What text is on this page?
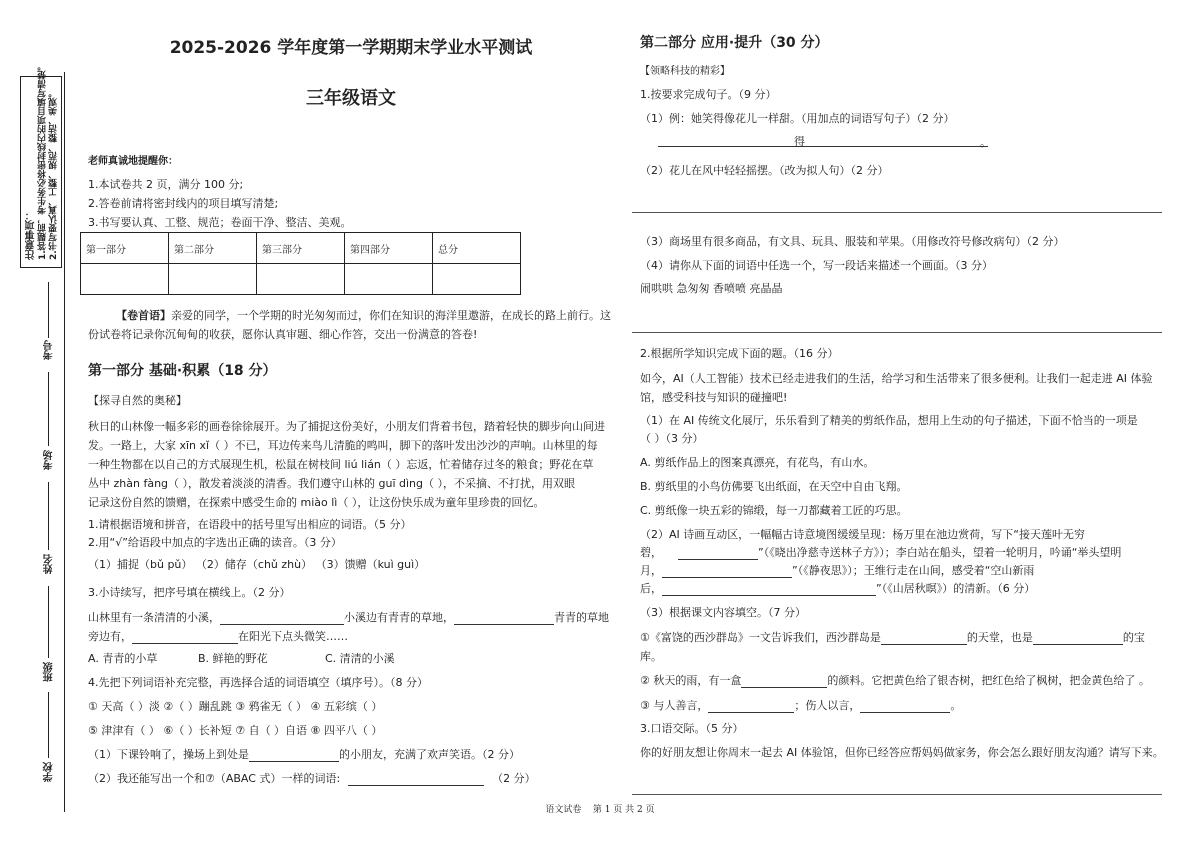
注意事项： 1.答题前，考生务必将密封线内的项目填写清楚。 2.书写要认真、工整、规范、整洁、美观。
考号
考场
姓名
班级
学校
2025-2026 学年度第一学期期末学业水平测试
三年级语文
老师真诚地提醒你：
1.本试卷共 2 页，满分 100 分;
2.答卷前请将密封线内的项目填写清楚;
3.书写要认真、工整、规范；卷面干净、整洁、美观。
第一部分	第二部分	第三部分	第四部分	总分

【卷首语】亲爱的同学，一个学期的时光匆匆而过，你们在知识的海洋里遨游，在成长的路上前行。这
份试卷将记录你沉甸甸的收获，愿你认真审题、细心作答，交出一份满意的答卷!
第一部分 基础·积累（18 分）
【探寻自然的奥秘】
秋日的山林像一幅多彩的画卷徐徐展开。为了捕捉这份美好，小朋友们背着书包，踏着轻快的脚步向山间进
发。一路上，大家 xīn xǐ（ ）不已，耳边传来鸟儿清脆的鸣叫，脚下的落叶发出沙沙的声响。山林里的每
一种生物都在以自己的方式展现生机，松鼠在树枝间 liú lián（ ）忘返，忙着储存过冬的粮食；野花在草
丛中 zhàn fàng（ ），散发着淡淡的清香。我们遵守山林的 guī dìng（ ），不采摘、不打扰，用双眼
记录这份自然的馈赠，在探索中感受生命的 miào lì（ ），让这份快乐成为童年里珍贵的回忆。
1.请根据语境和拼音，在语段中的括号里写出相应的词语。（5 分）
2.用“√”给语段中加点的字选出正确的读音。（3 分）
（1）捕捉（bǔ pǔ） （2）储存（chǔ zhù） （3）馈赠（kuì guì）
3.小诗续写，把序号填在横线上。（2 分）
山林里有一条清清的小溪，	小溪边有青青的草地，	青青的草地
旁边有，	在阳光下点头微笑……
A. 青青的小草	B. 鲜艳的野花	C. 清清的小溪
4.先把下列词语补充完整，再选择合适的词语填空（填序号）。（8 分）
① 天高（ ）淡 ②（ ）蹦乱跳 ③ 鸦雀无（ ） ④ 五彩缤（ ）
⑤ 津津有（ ） ⑥（ ）长补短 ⑦ 自（ ）自语 ⑧ 四平八（ ）
（1）下课铃响了，操场上到处是	的小朋友，充满了欢声笑语。（2 分）
（2）我还能写出一个和⑦（ABAC 式）一样的词语:	（2 分）
第二部分 应用·提升（30 分）
【领略科技的精彩】
1.按要求完成句子。（9 分）
（1）例：她笑得像花儿一样甜。（用加点的词语写句子）（2 分）
得	。
（2）花儿在风中轻轻摇摆。（改为拟人句）（2 分）
（3）商场里有很多商品，有文具、玩具、服装和苹果。（用修改符号修改病句）（2 分）
（4）请你从下面的词语中任选一个，写一段话来描述一个画面。（3 分）
闹哄哄 急匆匆 香喷喷 亮晶晶
2.根据所学知识完成下面的题。（16 分）
如今，AI（人工智能）技术已经走进我们的生活，给学习和生活带来了很多便利。让我们一起走进 AI 体验
馆，感受科技与知识的碰撞吧!
（1）在 AI 传统文化展厅，乐乐看到了精美的剪纸作品，想用上生动的句子描述，下面不恰当的一项是
（ ）（3 分）
A. 剪纸作品上的图案真漂亮，有花鸟，有山水。
B. 剪纸里的小鸟仿佛要飞出纸面，在天空中自由飞翔。
C. 剪纸像一块五彩的锦缎，每一刀都藏着工匠的巧思。
（2）AI 诗画互动区，一幅幅古诗意境图缓缓呈现：杨万里在池边赏荷，写下“接天莲叶无穷
碧，	”（《晓出净慈寺送林子方》）；李白站在船头，望着一轮明月，吟诵“举头望明
月，	”（《静夜思》）；王维行走在山间，感受着“空山新雨
后，	”（《山居秋暝》）的清新。（6 分）
（3）根据课文内容填空。（7 分）
①《富饶的西沙群岛》一文告诉我们，西沙群岛是	的天堂，也是	的宝
库。
② 秋天的雨，有一盒	的颜料。它把黄色给了银杏树，把红色给了枫树，把金黄色给了 。
③ 与人善言，	；伤人以言，	。
3.口语交际。（5 分）
你的好朋友想让你周末一起去 AI 体验馆，但你已经答应帮妈妈做家务，你会怎么跟好朋友沟通？请写下来。
语文试卷    第 1 页 共 2 页
